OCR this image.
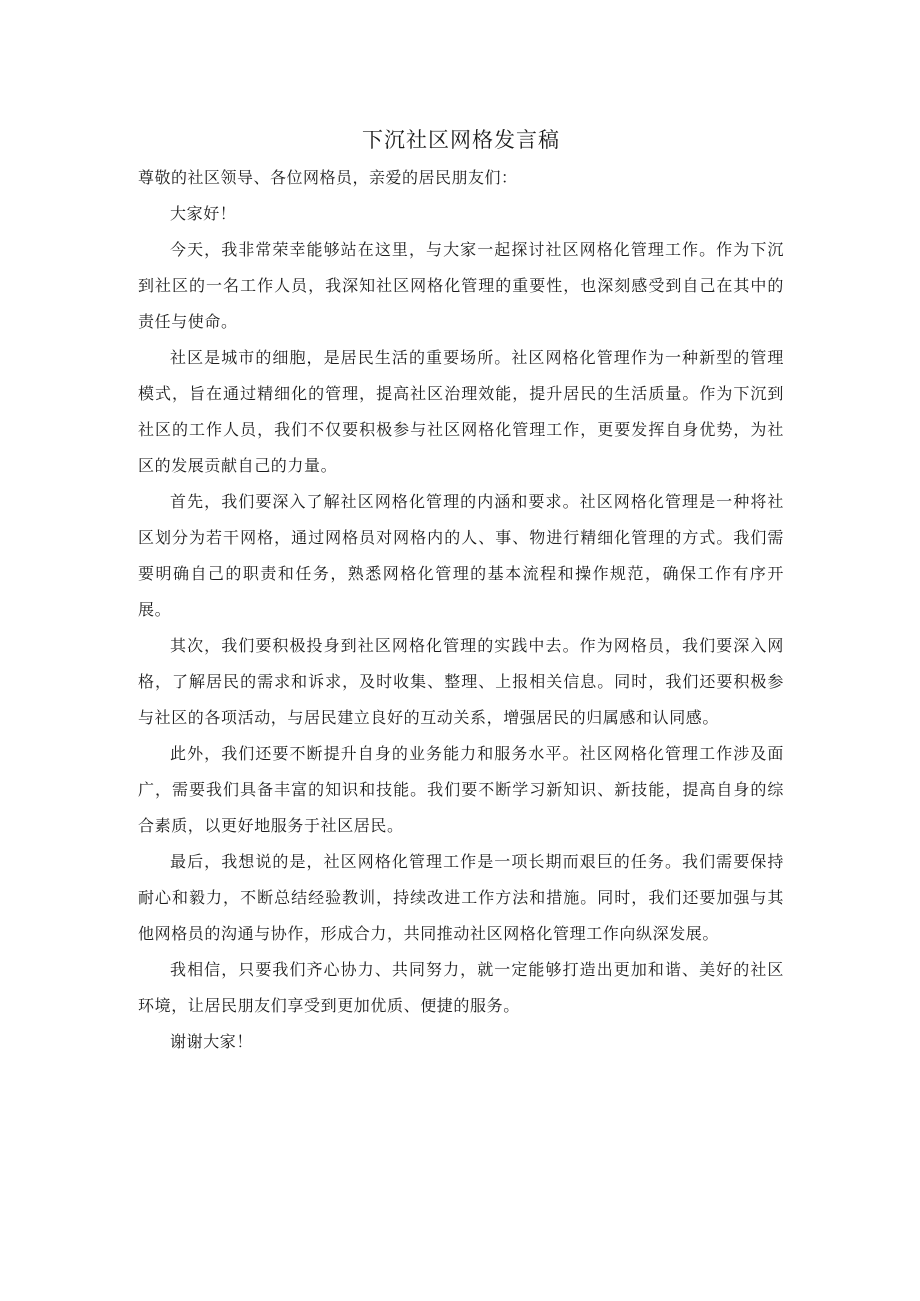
下沉社区网格发言稿

尊敬的社区领导、各位网格员，亲爱的居民朋友们：

大家好！

今天，我非常荣幸能够站在这里，与大家一起探讨社区网格化管理工作。作为下沉到社区的一名工作人员，我深知社区网格化管理的重要性，也深刻感受到自己在其中的责任与使命。

社区是城市的细胞，是居民生活的重要场所。社区网格化管理作为一种新型的管理模式，旨在通过精细化的管理，提高社区治理效能，提升居民的生活质量。作为下沉到社区的工作人员，我们不仅要积极参与社区网格化管理工作，更要发挥自身优势，为社区的发展贡献自己的力量。

首先，我们要深入了解社区网格化管理的内涵和要求。社区网格化管理是一种将社区划分为若干网格，通过网格员对网格内的人、事、物进行精细化管理的方式。我们需要明确自己的职责和任务，熟悉网格化管理的基本流程和操作规范，确保工作有序开展。

其次，我们要积极投身到社区网格化管理的实践中去。作为网格员，我们要深入网格，了解居民的需求和诉求，及时收集、整理、上报相关信息。同时，我们还要积极参与社区的各项活动，与居民建立良好的互动关系，增强居民的归属感和认同感。

此外，我们还要不断提升自身的业务能力和服务水平。社区网格化管理工作涉及面广，需要我们具备丰富的知识和技能。我们要不断学习新知识、新技能，提高自身的综合素质，以更好地服务于社区居民。

最后，我想说的是，社区网格化管理工作是一项长期而艰巨的任务。我们需要保持耐心和毅力，不断总结经验教训，持续改进工作方法和措施。同时，我们还要加强与其他网格员的沟通与协作，形成合力，共同推动社区网格化管理工作向纵深发展。

我相信，只要我们齐心协力、共同努力，就一定能够打造出更加和谐、美好的社区环境，让居民朋友们享受到更加优质、便捷的服务。

谢谢大家！
